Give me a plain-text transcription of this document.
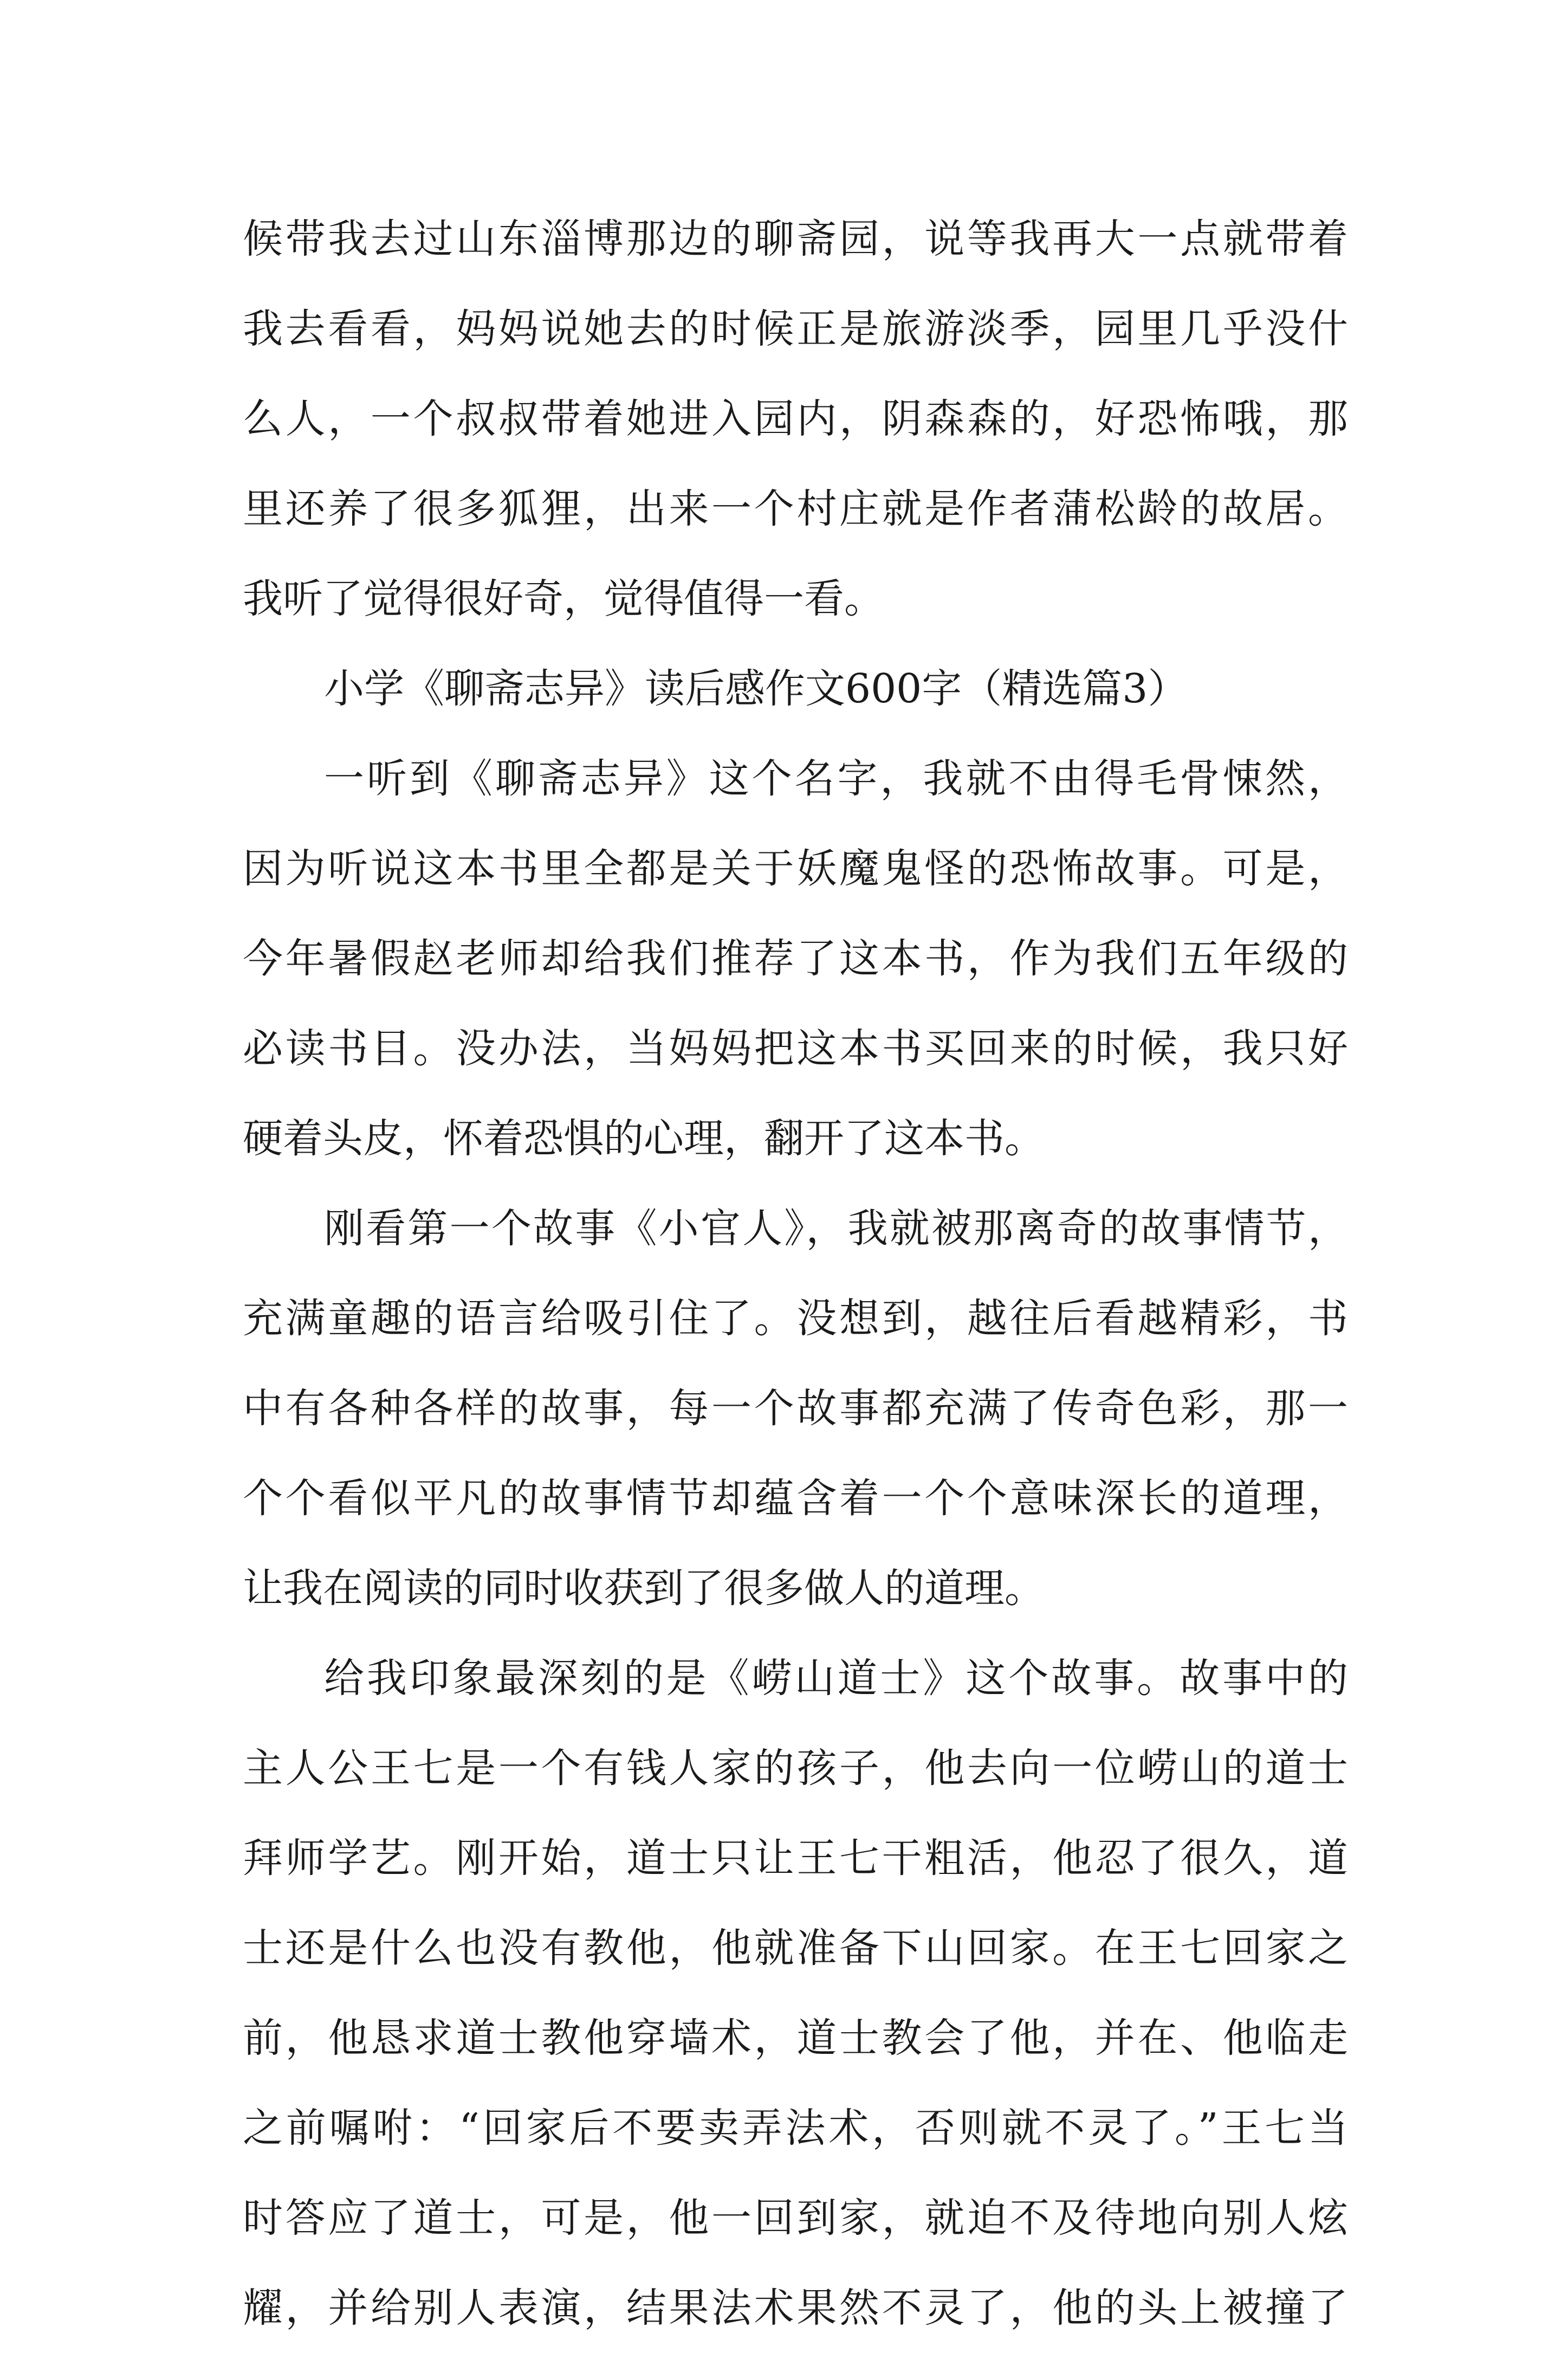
候带我去过山东淄博那边的聊斋园，说等我再大一点就带着
我去看看，妈妈说她去的时候正是旅游淡季，园里几乎没什
么人，一个叔叔带着她进入园内，阴森森的，好恐怖哦，那
里还养了很多狐狸，出来一个村庄就是作者蒲松龄的故居。
我听了觉得很好奇，觉得值得一看。
小学《聊斋志异》读后感作文600字（精选篇3）
一听到《聊斋志异》这个名字，我就不由得毛骨悚然，
因为听说这本书里全都是关于妖魔鬼怪的恐怖故事。可是，
今年暑假赵老师却给我们推荐了这本书，作为我们五年级的
必读书目。没办法，当妈妈把这本书买回来的时候，我只好
硬着头皮，怀着恐惧的心理，翻开了这本书。
刚看第一个故事《小官人》，我就被那离奇的故事情节，
充满童趣的语言给吸引住了。没想到，越往后看越精彩，书
中有各种各样的故事，每一个故事都充满了传奇色彩，那一
个个看似平凡的故事情节却蕴含着一个个意味深长的道理，
让我在阅读的同时收获到了很多做人的道理。
给我印象最深刻的是《崂山道士》这个故事。故事中的
主人公王七是一个有钱人家的孩子，他去向一位崂山的道士
拜师学艺。刚开始，道士只让王七干粗活，他忍了很久，道
士还是什么也没有教他，他就准备下山回家。在王七回家之
前，他恳求道士教他穿墙术，道士教会了他，并在、他临走
之前嘱咐：“回家后不要卖弄法术，否则就不灵了。”王七当
时答应了道士，可是，他一回到家，就迫不及待地向别人炫
耀，并给别人表演，结果法术果然不灵了，他的头上被撞了
